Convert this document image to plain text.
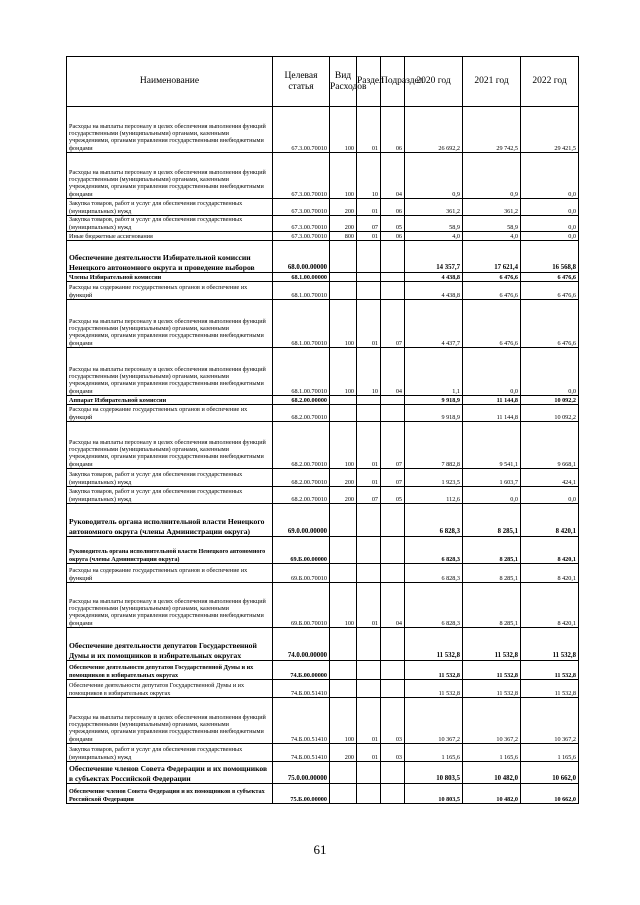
Наименование	Целевая статья	Вид Расходов	Раздел	Подраздел	2020 год	2021 год	2022 год
Расходы на выплаты персоналу в целях обеспечения выполнения функций государственными (муниципальными) органами, казенными учреждениями, органами управления государственными внебюджетными фондами	67.3.00.70010	100	01	06	26 692,2	29 742,5	29 421,5
Расходы на выплаты персоналу в целях обеспечения выполнения функций государственными (муниципальными) органами, казенными учреждениями, органами управления государственными внебюджетными фондами	67.3.00.70010	100	10	04	0,9	0,9	0,0
Закупка товаров, работ и услуг для обеспечения государственных (муниципальных) нужд	67.3.00.70010	200	01	06	361,2	361,2	0,0
Закупка товаров, работ и услуг для обеспечения государственных (муниципальных) нужд	67.3.00.70010	200	07	05	58,9	58,9	0,0
Иные бюджетные ассигнования	67.3.00.70010	800	01	06	4,0	4,0	0,0
Обеспечение деятельности Избирательной комиссии Ненецкого автономного округа и проведение выборов	68.0.00.00000				14 357,7	17 621,4	16 568,8
Члены Избирательной комиссии	68.1.00.00000				4 438,8	6 476,6	6 476,6
Расходы на содержание государственных органов и обеспечение их функций	68.1.00.70010				4 438,8	6 476,6	6 476,6
Расходы на выплаты персоналу в целях обеспечения выполнения функций государственными (муниципальными) органами, казенными учреждениями, органами управления государственными внебюджетными фондами	68.1.00.70010	100	01	07	4 437,7	6 476,6	6 476,6
Расходы на выплаты персоналу в целях обеспечения выполнения функций государственными (муниципальными) органами, казенными учреждениями, органами управления государственными внебюджетными фондами	68.1.00.70010	100	10	04	1,1	0,0	0,0
Аппарат Избирательной комиссии	68.2.00.00000				9 918,9	11 144,8	10 092,2
Расходы на содержание государственных органов и обеспечение их функций	68.2.00.70010				9 918,9	11 144,8	10 092,2
Расходы на выплаты персоналу в целях обеспечения выполнения функций государственными (муниципальными) органами, казенными учреждениями, органами управления государственными внебюджетными фондами	68.2.00.70010	100	01	07	7 882,8	9 541,1	9 668,1
Закупка товаров, работ и услуг для обеспечения государственных (муниципальных) нужд	68.2.00.70010	200	01	07	1 923,5	1 603,7	424,1
Закупка товаров, работ и услуг для обеспечения государственных (муниципальных) нужд	68.2.00.70010	200	07	05	112,6	0,0	0,0
Руководитель органа исполнительной власти Ненецкого автономного округа (члены Администрации округа)	69.0.00.00000				6 828,3	8 285,1	8 420,1
Руководитель органа исполнительной власти Ненецкого автономного округа (члены Администрации округа)	69.Б.00.00000				6 828,3	8 285,1	8 420,1
Расходы на содержание государственных органов и обеспечение их функций	69.Б.00.70010				6 828,3	8 285,1	8 420,1
Расходы на выплаты персоналу в целях обеспечения выполнения функций государственными (муниципальными) органами, казенными учреждениями, органами управления государственными внебюджетными фондами	69.Б.00.70010	100	01	04	6 828,3	8 285,1	8 420,1
Обеспечение деятельности депутатов Государственной Думы и их помощников в избирательных округах	74.0.00.00000				11 532,8	11 532,8	11 532,8
Обеспечение деятельности депутатов Государственной Думы и их помощников в избирательных округах	74.Б.00.00000				11 532,8	11 532,8	11 532,8
Обеспечение деятельности депутатов Государственной Думы и их помощников в избирательных округах	74.Б.00.51410				11 532,8	11 532,8	11 532,8
Расходы на выплаты персоналу в целях обеспечения выполнения функций государственными (муниципальными) органами, казенными учреждениями, органами управления государственными внебюджетными фондами	74.Б.00.51410	100	01	03	10 367,2	10 367,2	10 367,2
Закупка товаров, работ и услуг для обеспечения государственных (муниципальных) нужд	74.Б.00.51410	200	01	03	1 165,6	1 165,6	1 165,6
Обеспечение членов Совета Федерации и их помощников в субъектах Российской Федерации	75.0.00.00000				10 803,5	10 482,0	10 662,0
Обеспечение членов Совета Федерации и их помощников в субъектах Российской Федерации	75.Б.00.00000				10 803,5	10 482,0	10 662,0
61
